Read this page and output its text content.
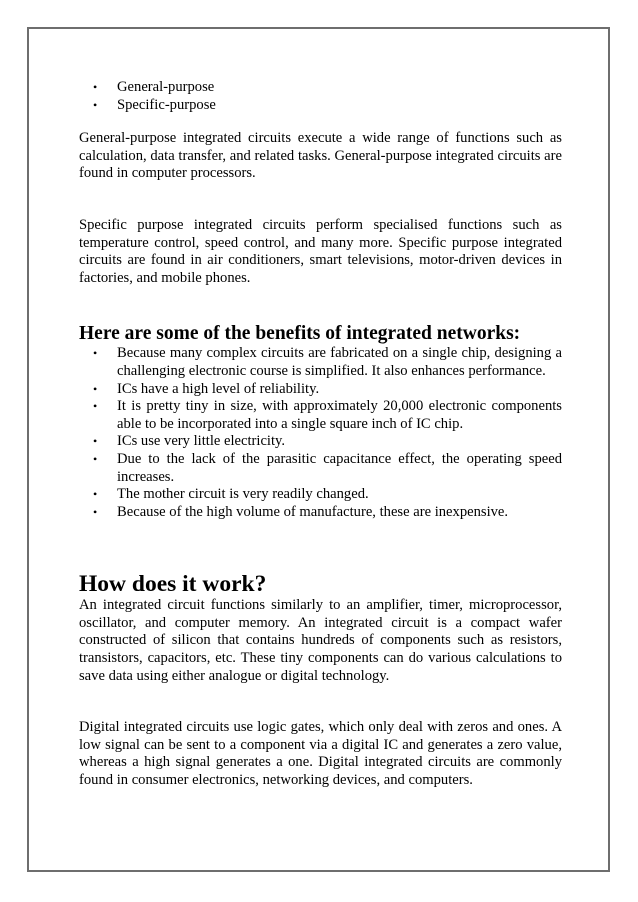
• General-purpose
• Specific-purpose

General-purpose integrated circuits execute a wide range of functions such as calculation, data transfer, and related tasks. General-purpose integrated circuits are found in computer processors.

Specific purpose integrated circuits perform specialised functions such as temperature control, speed control, and many more. Specific purpose integrated circuits are found in air conditioners, smart televisions, motor-driven devices in factories, and mobile phones.

Here are some of the benefits of integrated networks:
• Because many complex circuits are fabricated on a single chip, designing a challenging electronic course is simplified. It also enhances performance.
• ICs have a high level of reliability.
• It is pretty tiny in size, with approximately 20,000 electronic components able to be incorporated into a single square inch of IC chip.
• ICs use very little electricity.
• Due to the lack of the parasitic capacitance effect, the operating speed increases.
• The mother circuit is very readily changed.
• Because of the high volume of manufacture, these are inexpensive.
How does it work?

An integrated circuit functions similarly to an amplifier, timer, microprocessor, oscillator, and computer memory. An integrated circuit is a compact wafer constructed of silicon that contains hundreds of components such as resistors, transistors, capacitors, etc. These tiny components can do various calculations to save data using either analogue or digital technology.

Digital integrated circuits use logic gates, which only deal with zeros and ones. A low signal can be sent to a component via a digital IC and generates a zero value, whereas a high signal generates a one. Digital integrated circuits are commonly found in consumer electronics, networking devices, and computers.
